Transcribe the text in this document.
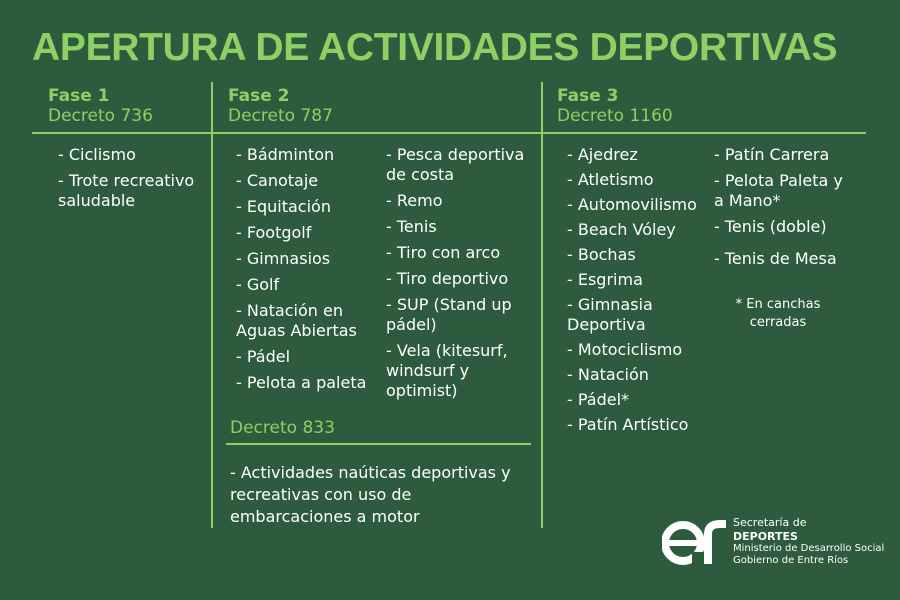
APERTURA DE ACTIVIDADES DEPORTIVAS
Fase 1
Decreto 736

- Ciclismo

- Trote recreativo saludable

Fase 2
Decreto 787

- Bádminton

- Canotaje

- Equitación

- Footgolf

- Gimnasios

- Golf

- Natación en Aguas Abiertas

- Pádel

- Pelota a paleta

- Pesca deportiva de costa

- Remo

- Tenis

- Tiro con arco

- Tiro deportivo

- SUP (Stand up pádel)

- Vela (kitesurf, windsurf y optimist)

Decreto 833
- Actividades naúticas deportivas y recreativas con uso de embarcaciones a motor
Fase 3
Decreto 1160

- Ajedrez

- Atletismo

- Automovilismo

- Beach Vóley

- Bochas

- Esgrima

- Gimnasia Deportiva

- Motociclismo

- Natación

- Pádel*

- Patín Artístico

- Patín Carrera

- Pelota Paleta y a Mano*

- Tenis (doble)

- Tenis de Mesa

* En canchas cerradas
Secretaría de
DEPORTES
Ministerio de Desarrollo Social
Gobierno de Entre Ríos
